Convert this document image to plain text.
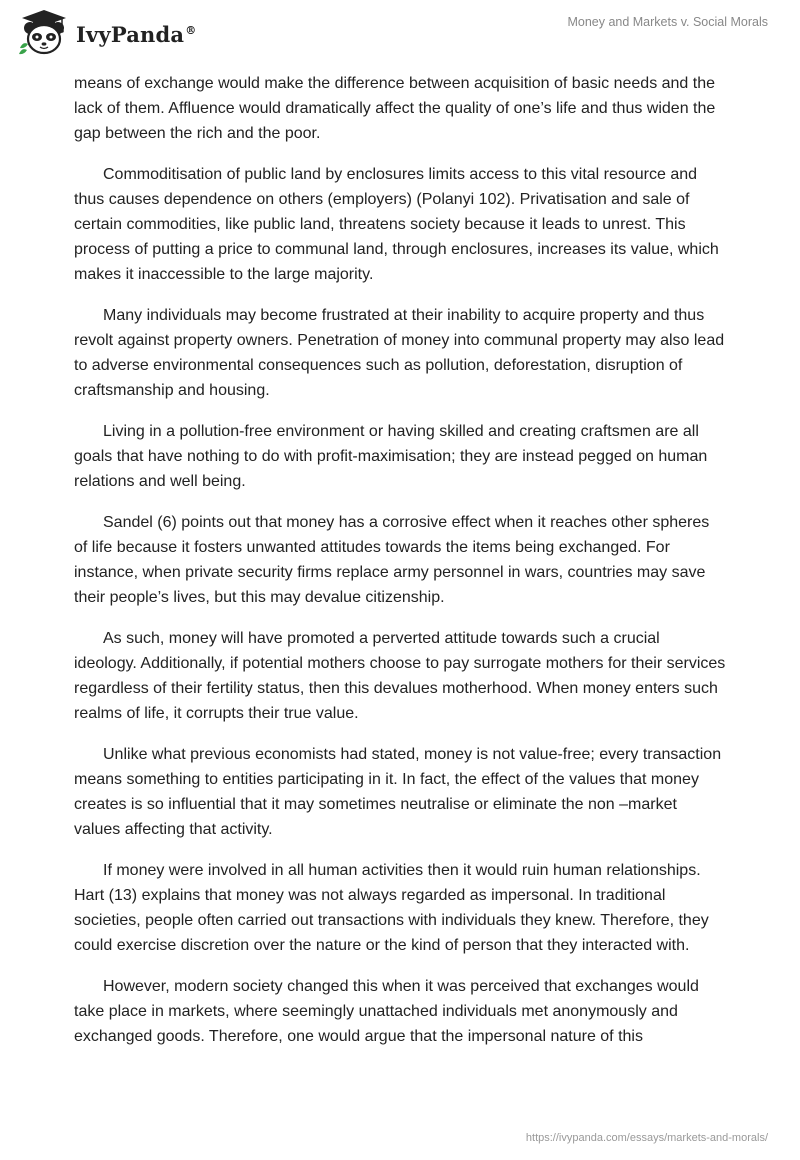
IvyPanda®
Money and Markets v. Social Morals

means of exchange would make the difference between acquisition of basic needs and the lack of them. Affluence would dramatically affect the quality of one’s life and thus widen the gap between the rich and the poor.

Commoditisation of public land by enclosures limits access to this vital resource and thus causes dependence on others (employers) (Polanyi 102). Privatisation and sale of certain commodities, like public land, threatens society because it leads to unrest. This process of putting a price to communal land, through enclosures, increases its value, which makes it inaccessible to the large majority.

Many individuals may become frustrated at their inability to acquire property and thus revolt against property owners. Penetration of money into communal property may also lead to adverse environmental consequences such as pollution, deforestation, disruption of craftsmanship and housing.

Living in a pollution-free environment or having skilled and creating craftsmen are all goals that have nothing to do with profit-maximisation; they are instead pegged on human relations and well being.

Sandel (6) points out that money has a corrosive effect when it reaches other spheres of life because it fosters unwanted attitudes towards the items being exchanged. For instance, when private security firms replace army personnel in wars, countries may save their people’s lives, but this may devalue citizenship.

As such, money will have promoted a perverted attitude towards such a crucial ideology. Additionally, if potential mothers choose to pay surrogate mothers for their services regardless of their fertility status, then this devalues motherhood. When money enters such realms of life, it corrupts their true value.

Unlike what previous economists had stated, money is not value-free; every transaction means something to entities participating in it. In fact, the effect of the values that money creates is so influential that it may sometimes neutralise or eliminate the non –market values affecting that activity.

If money were involved in all human activities then it would ruin human relationships. Hart (13) explains that money was not always regarded as impersonal. In traditional societies, people often carried out transactions with individuals they knew. Therefore, they could exercise discretion over the nature or the kind of person that they interacted with.

However, modern society changed this when it was perceived that exchanges would take place in markets, where seemingly unattached individuals met anonymously and exchanged goods. Therefore, one would argue that the impersonal nature of this

https://ivypanda.com/essays/markets-and-morals/
